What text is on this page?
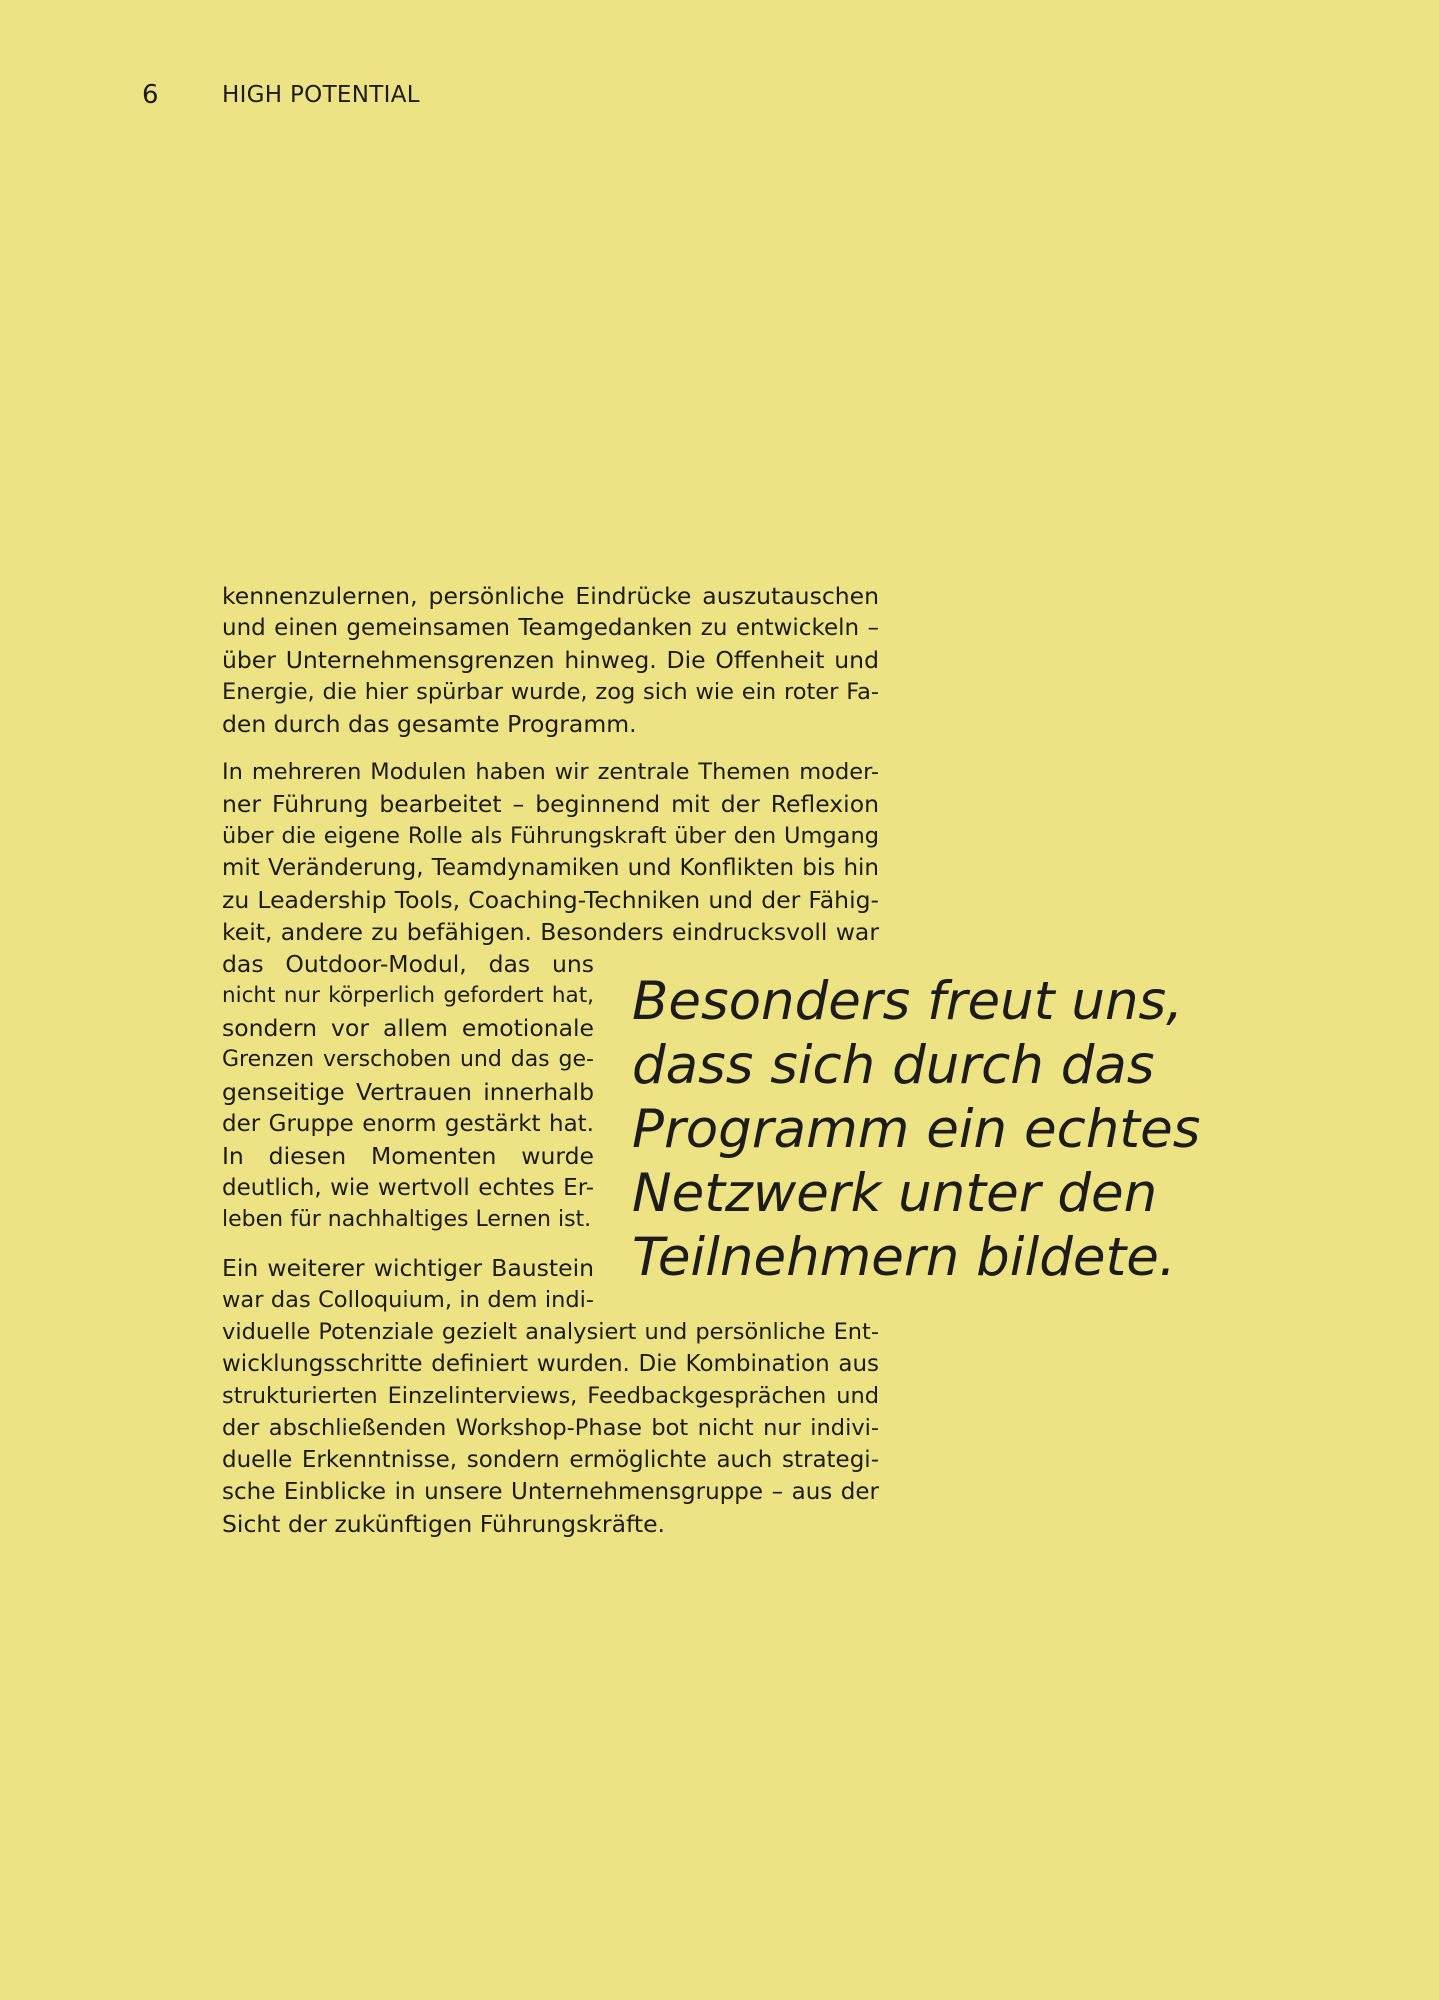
6	HIGH POTENTIAL
kennenzulernen, persönliche Eindrücke auszutauschen
und einen gemeinsamen Teamgedanken zu entwickeln –
über Unternehmensgrenzen hinweg. Die Offenheit und
Energie, die hier spürbar wurde, zog sich wie ein roter Fa-
den durch das gesamte Programm.
In mehreren Modulen haben wir zentrale Themen moder-
ner Führung bearbeitet – beginnend mit der Reflexion
über die eigene Rolle als Führungskraft über den Umgang
mit Veränderung, Teamdynamiken und Konflikten bis hin
zu Leadership Tools, Coaching-Techniken und der Fähig-
keit, andere zu befähigen. Besonders eindrucksvoll war
das Outdoor-Modul, das uns
nicht nur körperlich gefordert hat,
sondern vor allem emotionale
Grenzen verschoben und das ge-
genseitige Vertrauen innerhalb
der Gruppe enorm gestärkt hat.
In diesen Momenten wurde
deutlich, wie wertvoll echtes Er-
leben für nachhaltiges Lernen ist.
Ein weiterer wichtiger Baustein
war das Colloquium, in dem indi-
viduelle Potenziale gezielt analysiert und persönliche Ent-
wicklungsschritte definiert wurden. Die Kombination aus
strukturierten Einzelinterviews, Feedbackgesprächen und
der abschließenden Workshop-Phase bot nicht nur indivi-
duelle Erkenntnisse, sondern ermöglichte auch strategi-
sche Einblicke in unsere Unternehmensgruppe – aus der
Sicht der zukünftigen Führungskräfte.
Besonders freut uns,
dass sich durch das
Programm ein echtes
Netzwerk unter den
Teilnehmern bildete.
